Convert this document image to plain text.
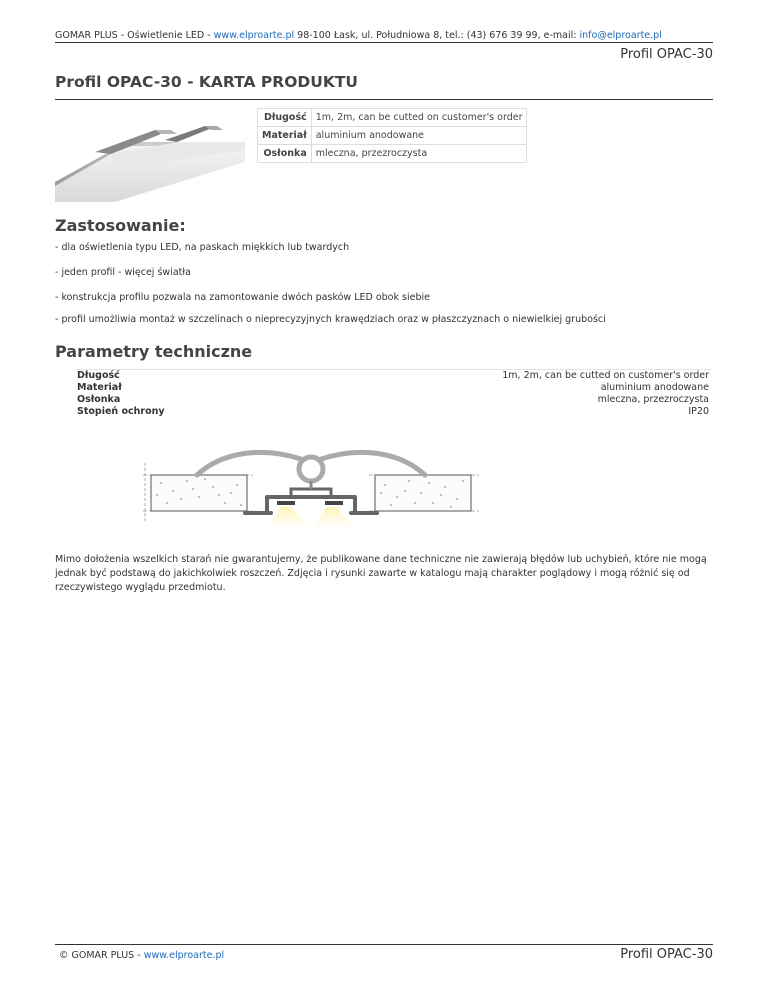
GOMAR PLUS - Oświetlenie LED - www.elproarte.pl 98-100 Łask, ul. Południowa 8, tel.: (43) 676 39 99, e-mail: info@elproarte.pl
Profil OPAC-30
Profil OPAC-30 - KARTA PRODUKTU
Długość	1m, 2m, can be cutted on customer's order
Materiał	aluminium anodowane
Osłonka	mleczna, przezroczysta
Zastosowanie:
- dla oświetlenia typu LED, na paskach miękkich lub twardych
- jeden profil - więcej światła
- konstrukcja profilu pozwala na zamontowanie dwóch pasków LED obok siebie
- profil umożliwia montaż w szczelinach o nieprecyzyjnych krawędziach oraz w płaszczyznach o niewielkiej grubości
Parametry techniczne
Długość	1m, 2m, can be cutted on customer's order
Materiał	aluminium anodowane
Osłonka	mleczna, przezroczysta
Stopień ochrony	IP20
Mimo dołożenia wszelkich starań nie gwarantujemy, że publikowane dane techniczne nie zawierają błędów lub uchybień, które nie mogą jednak być podstawą do jakichkolwiek roszczeń. Zdjęcia i rysunki zawarte w katalogu mają charakter poglądowy i mogą różnić się od rzeczywistego wyglądu przedmiotu.
© GOMAR PLUS - www.elproarte.pl	Profil OPAC-30
